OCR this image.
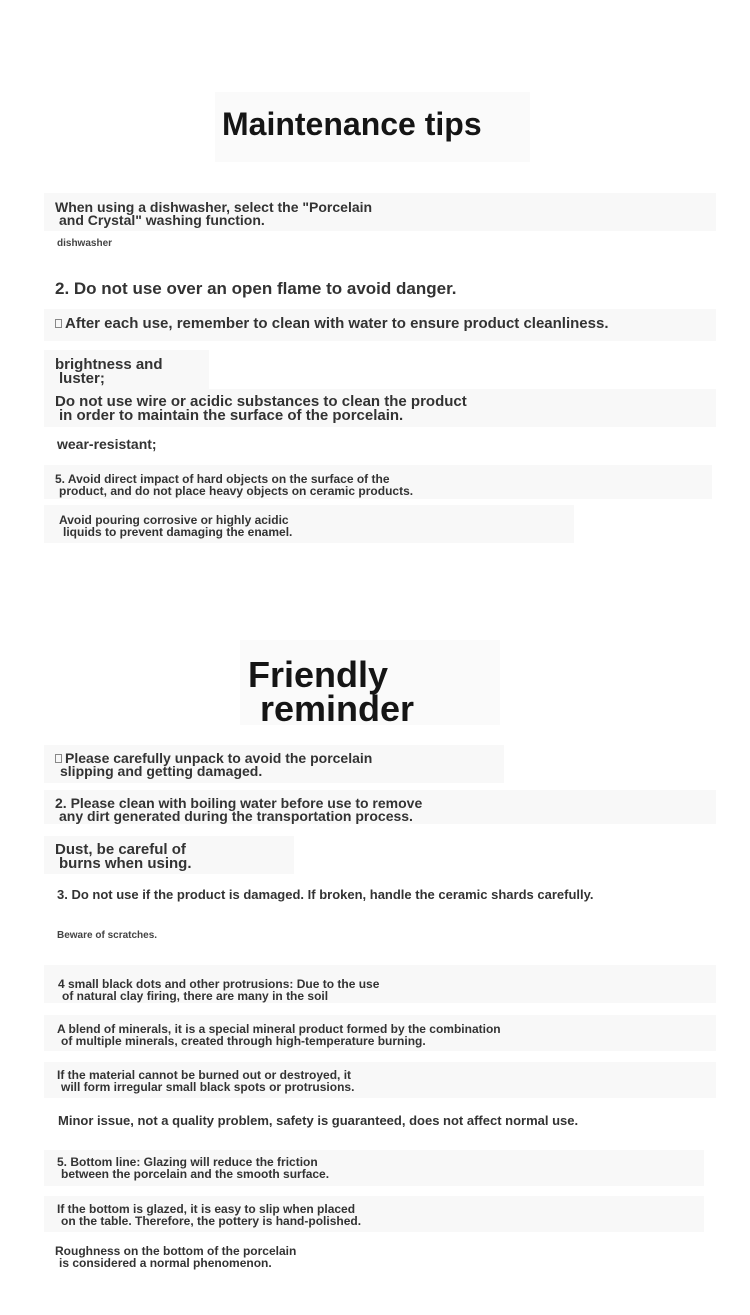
Maintenance tips

When using a dishwasher, select the "Porcelain

and Crystal" washing function.

dishwasher

2. Do not use over an open flame to avoid danger.

After each use, remember to clean with water to ensure product cleanliness.

brightness and

luster;

Do not use wire or acidic substances to clean the product

in order to maintain the surface of the porcelain.

wear-resistant;

5. Avoid direct impact of hard objects on the surface of the

product, and do not place heavy objects on ceramic products.

Avoid pouring corrosive or highly acidic

liquids to prevent damaging the enamel.

Friendly
reminder

Please carefully unpack to avoid the porcelain

slipping and getting damaged.

2. Please clean with boiling water before use to remove

any dirt generated during the transportation process.

Dust, be careful of

burns when using.

3. Do not use if the product is damaged. If broken, handle the ceramic shards carefully.

Beware of scratches.

4 small black dots and other protrusions: Due to the use

of natural clay firing, there are many in the soil

A blend of minerals, it is a special mineral product formed by the combination

of multiple minerals, created through high-temperature burning.

If the material cannot be burned out or destroyed, it

will form irregular small black spots or protrusions.

Minor issue, not a quality problem, safety is guaranteed, does not affect normal use.

5. Bottom line: Glazing will reduce the friction

between the porcelain and the smooth surface.

If the bottom is glazed, it is easy to slip when placed

on the table. Therefore, the pottery is hand-polished.

Roughness on the bottom of the porcelain

is considered a normal phenomenon.
